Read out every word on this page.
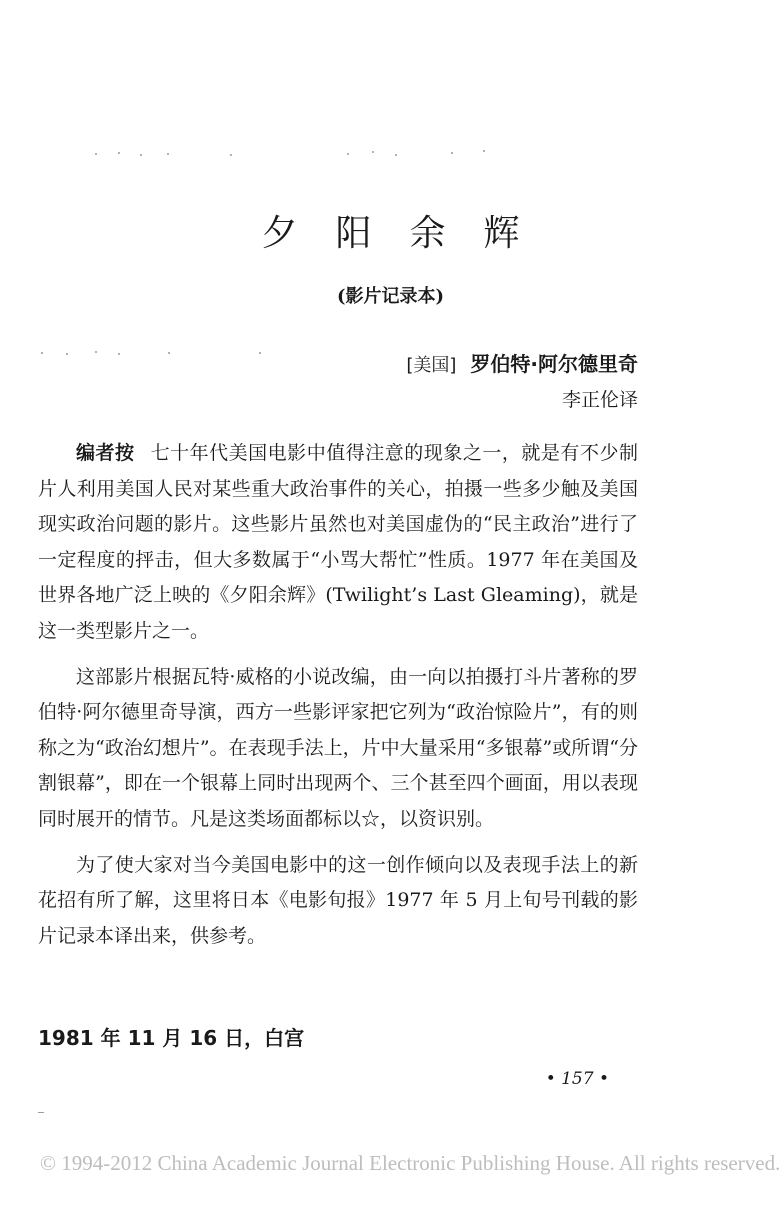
夕阳余辉
(影片记录本)
[美国] 罗伯特·阿尔德里奇
李正伦译

编者按 七十年代美国电影中值得注意的现象之一，就是有不少制片人利用美国人民对某些重大政治事件的关心，拍摄一些多少触及美国现实政治问题的影片。这些影片虽然也对美国虚伪的“民主政治”进行了一定程度的抨击，但大多数属于“小骂大帮忙”性质。1977 年在美国及世界各地广泛上映的《夕阳余辉》(Twilight’s Last Gleaming)，就是这一类型影片之一。

这部影片根据瓦特·威格的小说改编，由一向以拍摄打斗片著称的罗伯特·阿尔德里奇导演，西方一些影评家把它列为“政治惊险片”，有的则称之为“政治幻想片”。在表现手法上，片中大量采用“多银幕”或所谓“分割银幕”，即在一个银幕上同时出现两个、三个甚至四个画面，用以表现同时展开的情节。凡是这类场面都标以☆，以资识别。

为了使大家对当今美国电影中的这一创作倾向以及表现手法上的新花招有所了解，这里将日本《电影旬报》1977 年 5 月上旬号刊载的影片记录本译出来，供参考。

1981 年 11 月 16 日，白宫
• 157 •
© 1994-2012 China Academic Journal Electronic Publishing House. All rights reserved.
